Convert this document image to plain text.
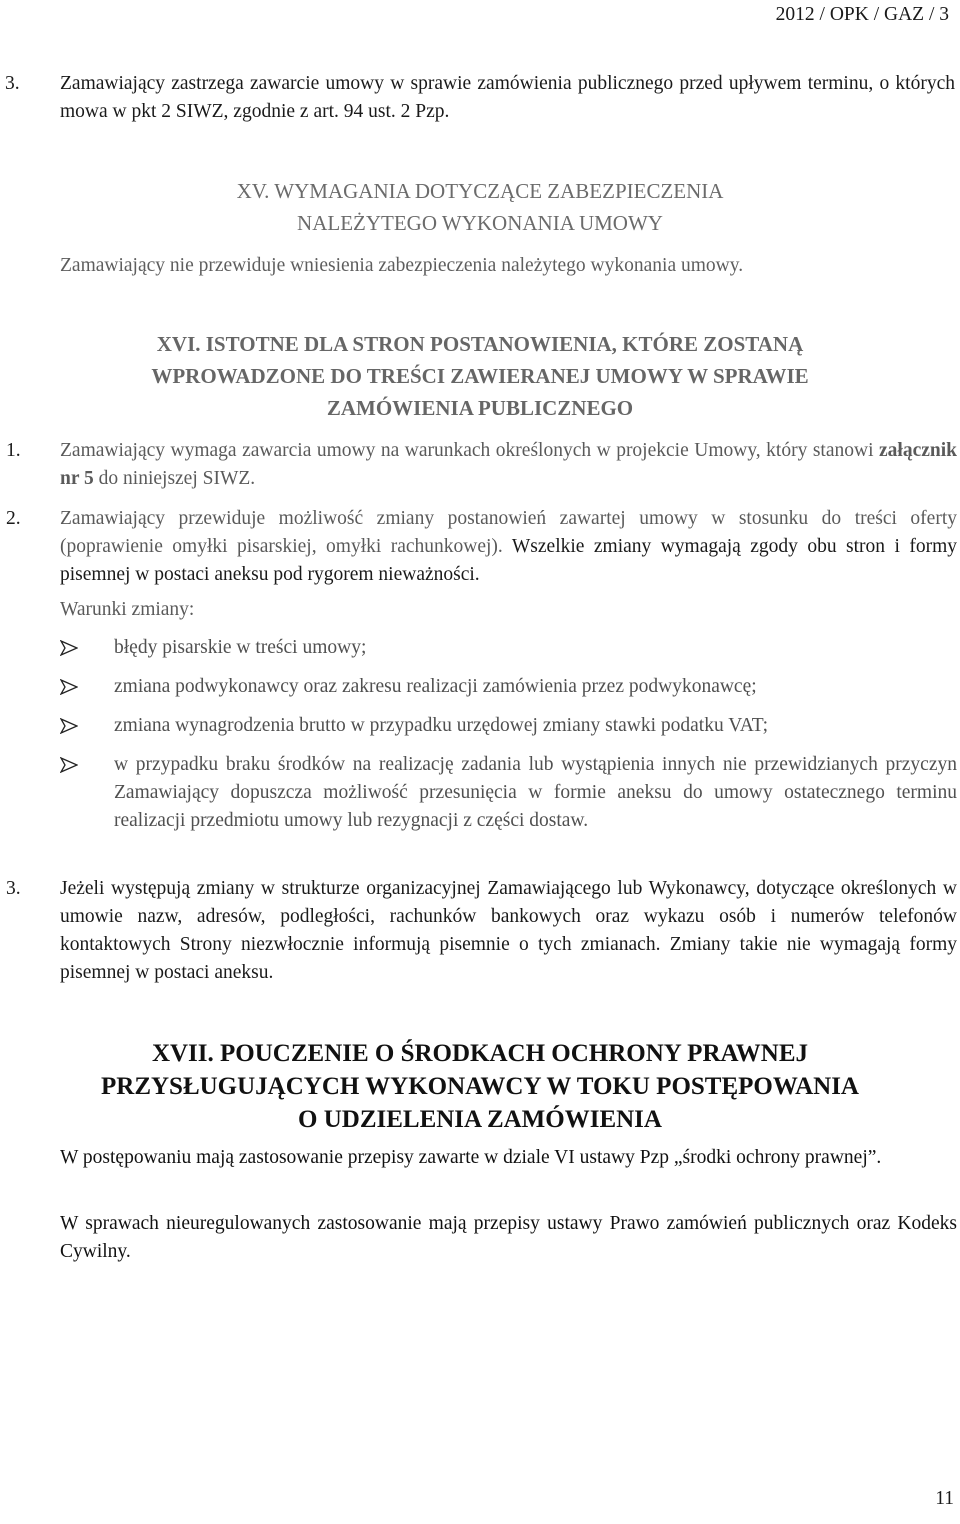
2012 / OPK / GAZ / 3
3. Zamawiający zastrzega zawarcie umowy w sprawie zamówienia publicznego przed upływem terminu, o których mowa w pkt 2 SIWZ, zgodnie z art. 94 ust. 2 Pzp.
XV. WYMAGANIA DOTYCZĄCE ZABEZPIECZENIA
NALEŻYTEGO WYKONANIA UMOWY
Zamawiający nie przewiduje wniesienia zabezpieczenia należytego wykonania umowy.
XVI. ISTOTNE DLA STRON POSTANOWIENIA, KTÓRE ZOSTANĄ
WPROWADZONE DO TREŚCI ZAWIERANEJ UMOWY W SPRAWIE
ZAMÓWIENIA PUBLICZNEGO
1. Zamawiający wymaga zawarcia umowy na warunkach określonych w projekcie Umowy, który stanowi załącznik nr 5 do niniejszej SIWZ.
2. Zamawiający przewiduje możliwość zmiany postanowień zawartej umowy w stosunku do treści oferty (poprawienie omyłki pisarskiej, omyłki rachunkowej). Wszelkie zmiany wymagają zgody obu stron i formy pisemnej w postaci aneksu pod rygorem nieważności.
Warunki zmiany:
błędy pisarskie w treści umowy;
zmiana podwykonawcy oraz zakresu realizacji zamówienia przez podwykonawcę;
zmiana wynagrodzenia brutto w przypadku urzędowej zmiany stawki podatku VAT;
w przypadku braku środków na realizację zadania lub wystąpienia innych nie przewidzianych przyczyn Zamawiający dopuszcza możliwość przesunięcia w formie aneksu do umowy ostatecznego terminu realizacji przedmiotu umowy lub rezygnacji z części dostaw.
3. Jeżeli występują zmiany w strukturze organizacyjnej Zamawiającego lub Wykonawcy, dotyczące określonych w umowie nazw, adresów, podległości, rachunków bankowych oraz wykazu osób i numerów telefonów kontaktowych Strony niezwłocznie informują pisemnie o tych zmianach. Zmiany takie nie wymagają formy pisemnej w postaci aneksu.
XVII. POUCZENIE O ŚRODKACH OCHRONY PRAWNEJ
PRZYSŁUGUJĄCYCH WYKONAWCY W TOKU POSTĘPOWANIA
O UDZIELENIA ZAMÓWIENIA
W postępowaniu mają zastosowanie przepisy zawarte w dziale VI ustawy Pzp „środki ochrony prawnej”.
W sprawach nieuregulowanych zastosowanie mają przepisy ustawy Prawo zamówień publicznych oraz Kodeks Cywilny.
11
